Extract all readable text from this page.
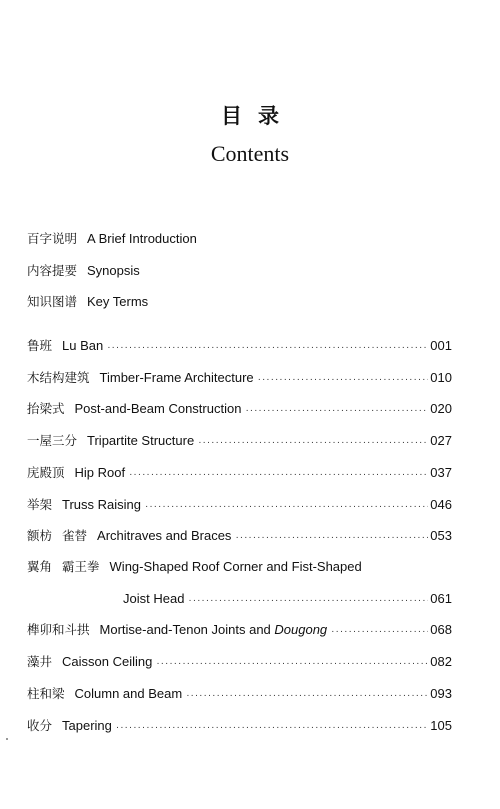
目录
Contents
百字说明 A Brief Introduction
内容提要 Synopsis
知识图谱 Key Terms
鲁班 Lu Ban ·····	001
木结构建筑 Timber-Frame Architecture ·····	010
抬梁式 Post-and-Beam Construction ·····	020
一屋三分 Tripartite Structure ·····	027
庑殿顶 Hip Roof ·····	037
举架 Truss Raising ·····	046
额枋 雀替 Architraves and Braces ·····	053
翼角 霸王拳 Wing-Shaped Roof Corner and Fist-Shaped
Joist Head ·····	061
榫卯和斗拱 Mortise-and-Tenon Joints and Dougong ·····	068
藻井 Caisson Ceiling ·····	082
柱和梁 Column and Beam ·····	093
收分 Tapering ·····	105
